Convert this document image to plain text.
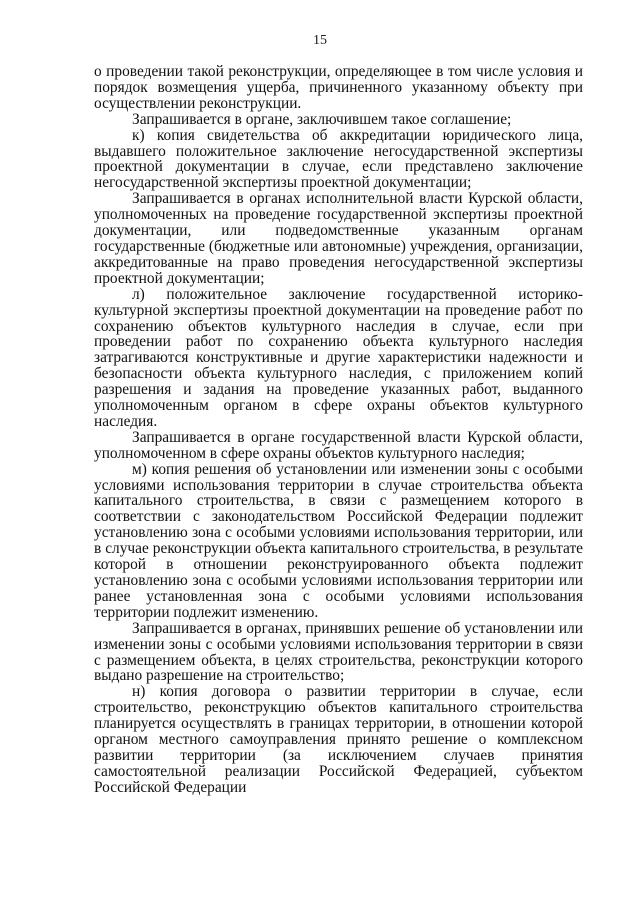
15

о проведении такой реконструкции, определяющее в том числе условия и порядок возмещения ущерба, причиненного указанному объекту при осуществлении реконструкции.

Запрашивается в органе, заключившем такое соглашение;

к) копия свидетельства об аккредитации юридического лица, выдавшего положительное заключение негосударственной экспертизы проектной документации в случае, если представлено заключение негосударственной экспертизы проектной документации;

Запрашивается в органах исполнительной власти Курской области, уполномоченных на проведение государственной экспертизы проектной документации, или подведомственные указанным органам государственные (бюджетные или автономные) учреждения, организации, аккредитованные на право проведения негосударственной экспертизы проектной документации;

л) положительное заключение государственной историко-культурной экспертизы проектной документации на проведение работ по сохранению объектов культурного наследия в случае, если при проведении работ по сохранению объекта культурного наследия затрагиваются конструктивные и другие характеристики надежности и безопасности объекта культурного наследия, с приложением копий разрешения и задания на проведение указанных работ, выданного уполномоченным органом в сфере охраны объектов культурного наследия.

Запрашивается в органе государственной власти Курской области, уполномоченном в сфере охраны объектов культурного наследия;

м) копия решения об установлении или изменении зоны с особыми условиями использования территории в случае строительства объекта капитального строительства, в связи с размещением которого в соответствии с законодательством Российской Федерации подлежит установлению зона с особыми условиями использования территории, или в случае реконструкции объекта капитального строительства, в результате которой в отношении реконструированного объекта подлежит установлению зона с особыми условиями использования территории или ранее установленная зона с особыми условиями использования территории подлежит изменению.

Запрашивается в органах, принявших решение об установлении или изменении зоны с особыми условиями использования территории в связи с размещением объекта, в целях строительства, реконструкции которого выдано разрешение на строительство;

н) копия договора о развитии территории в случае, если строительство, реконструкцию объектов капитального строительства планируется осуществлять в границах территории, в отношении которой органом местного самоуправления принято решение о комплексном развитии территории (за исключением случаев принятия самостоятельной реализации Российской Федерацией, субъектом Российской Федерации
